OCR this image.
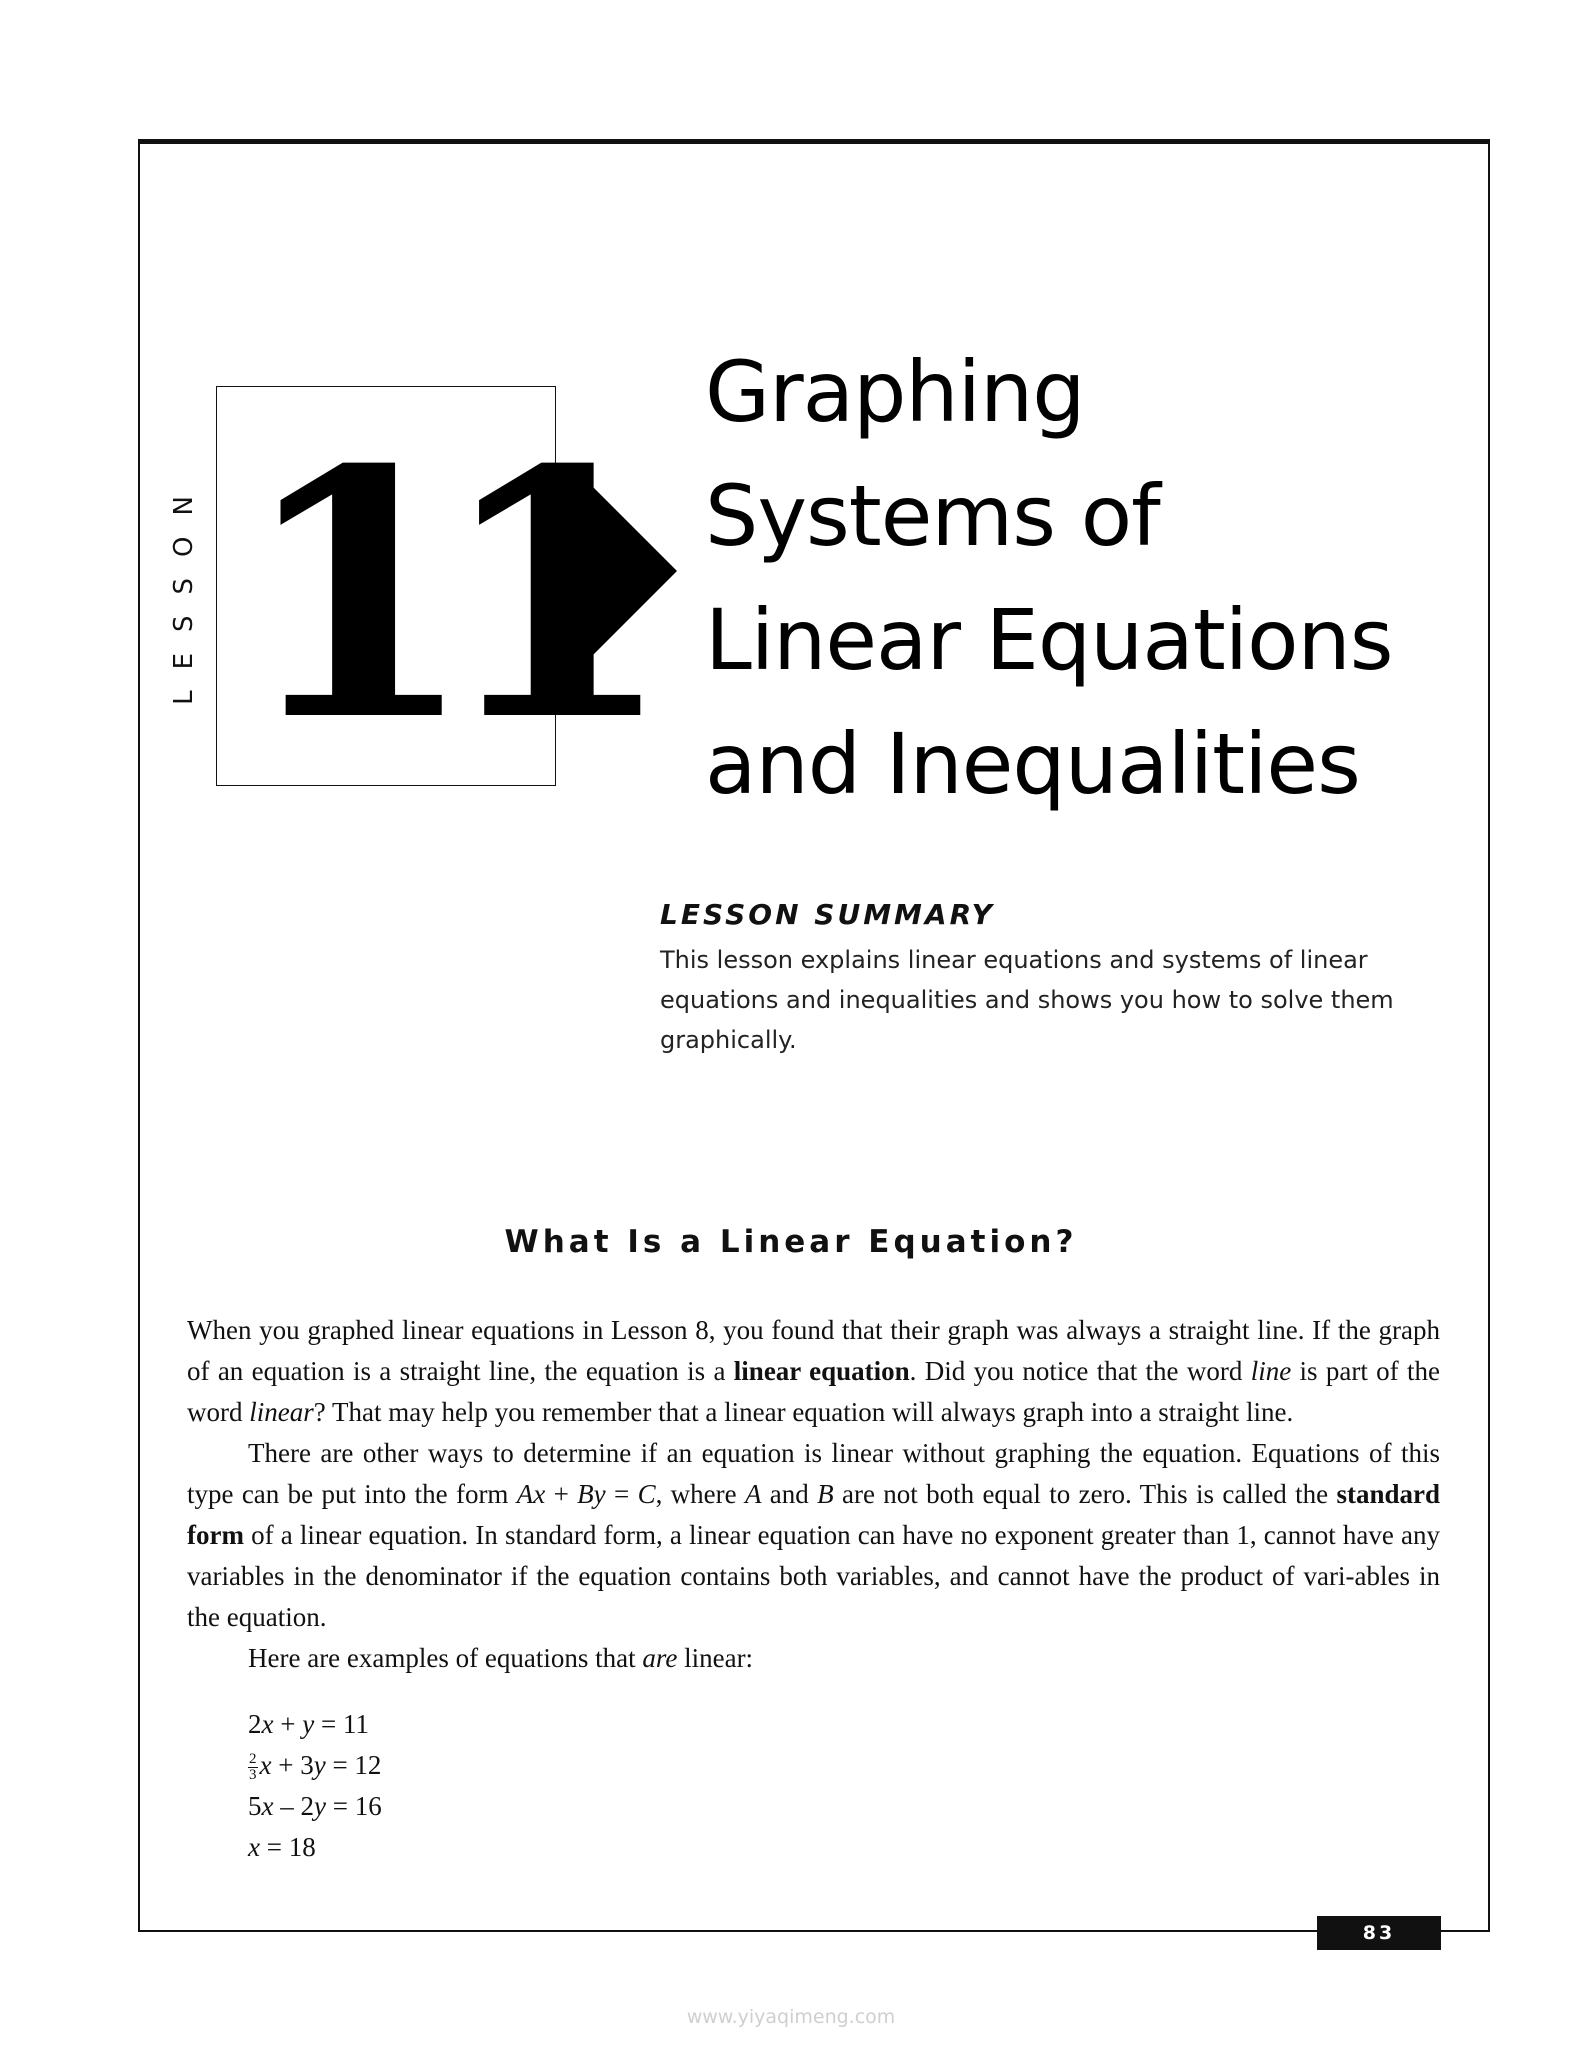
LESSON 11
Graphing
Systems of
Linear Equations
and Inequalities
LESSON SUMMARY
This lesson explains linear equations and systems of linear equations and inequalities and shows you how to solve them graphically.
What Is a Linear Equation?

When you graphed linear equations in Lesson 8, you found that their graph was always a straight line. If the graph of an equation is a straight line, the equation is a linear equation. Did you notice that the word line is part of the word linear? That may help you remember that a linear equation will always graph into a straight line.

There are other ways to determine if an equation is linear without graphing the equation. Equations of this type can be put into the form Ax + By = C, where A and B are not both equal to zero. This is called the standard form of a linear equation. In standard form, a linear equation can have no exponent greater than 1, cannot have any variables in the denominator if the equation contains both variables, and cannot have the product of vari-ables in the equation.

Here are examples of equations that are linear:

2x + y = 11
$\frac{2}{3}$ x + 3y = 12
5x – 2y = 16
x = 18
83
www.yiyaqimeng.com
